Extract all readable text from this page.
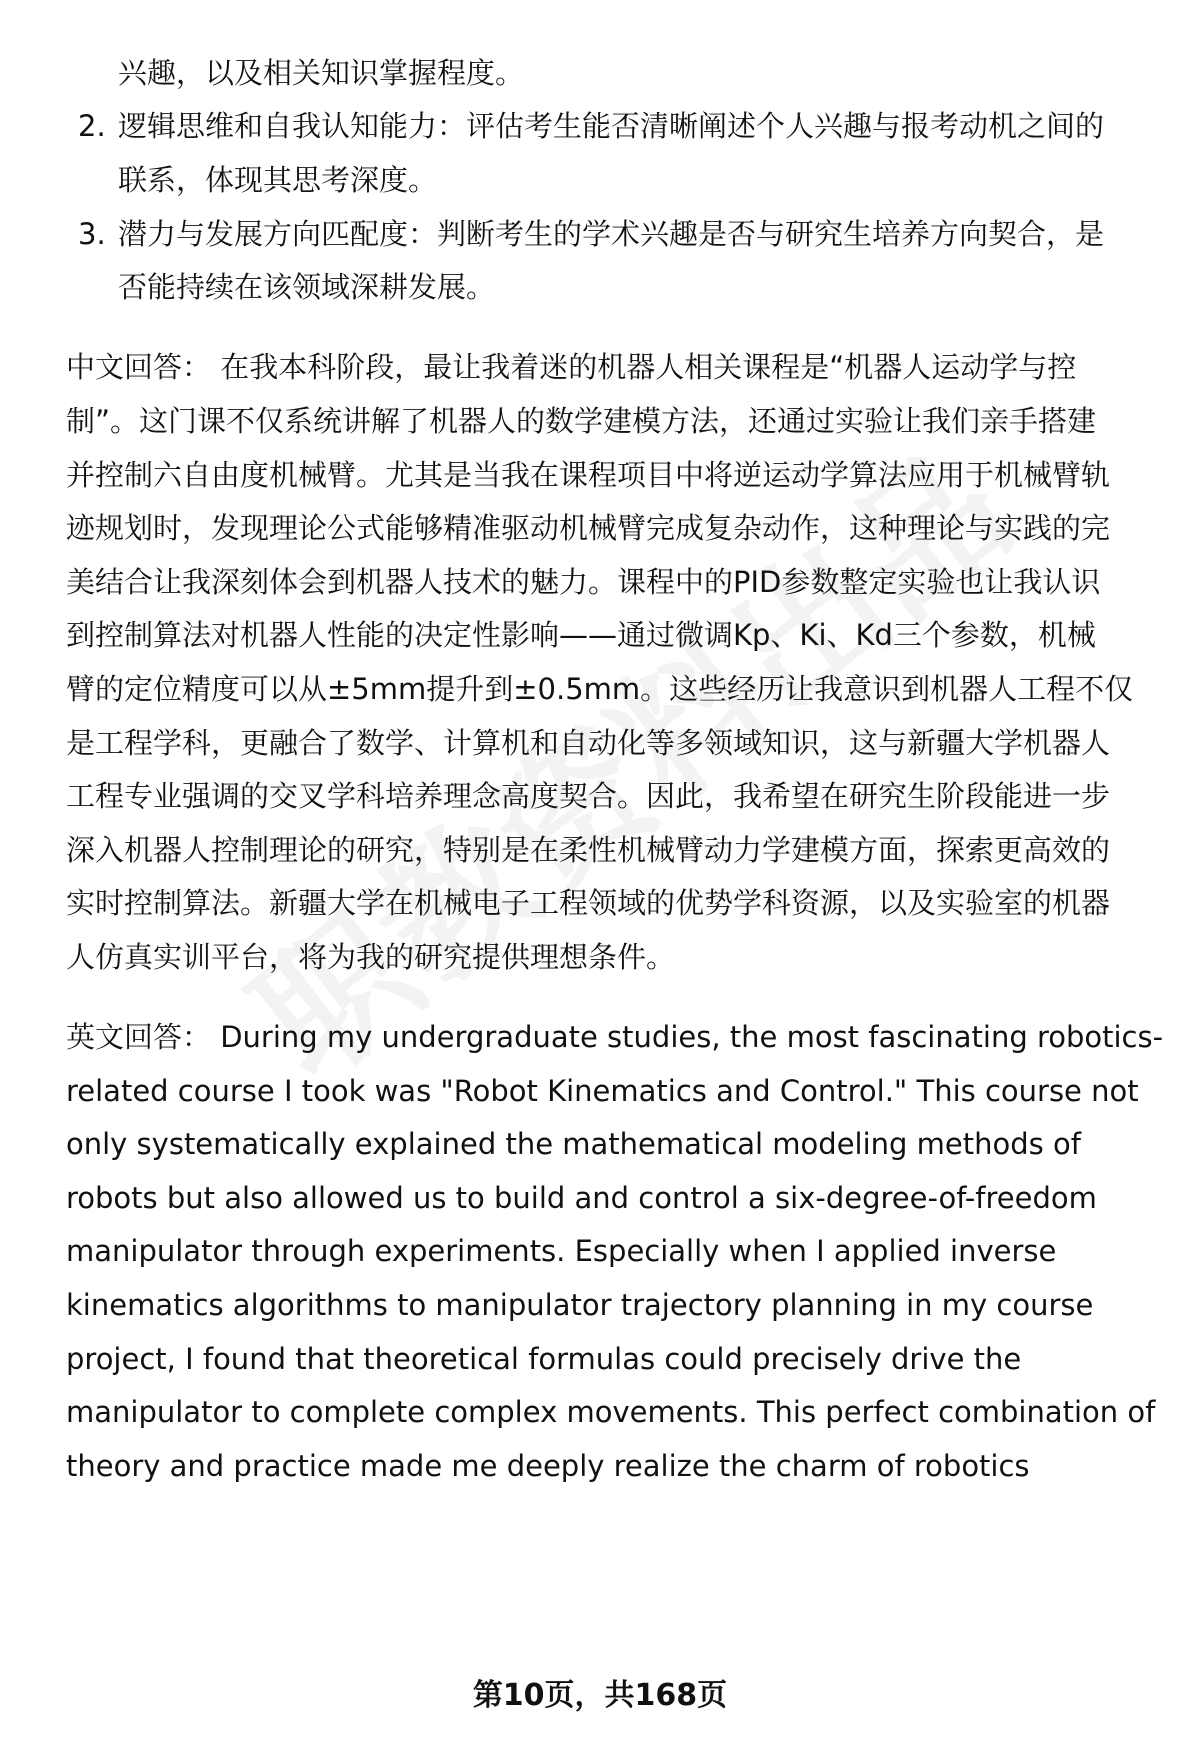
兴趣，以及相关知识掌握程度。
2. 逻辑思维和自我认知能力：评估考生能否清晰阐述个人兴趣与报考动机之间的
联系，体现其思考深度。
3. 潜力与发展方向匹配度：判断考生的学术兴趣是否与研究生培养方向契合，是
否能持续在该领域深耕发展。
中文回答： 在我本科阶段，最让我着迷的机器人相关课程是“机器人运动学与控
制”。这门课不仅系统讲解了机器人的数学建模方法，还通过实验让我们亲手搭建
并控制六自由度机械臂。尤其是当我在课程项目中将逆运动学算法应用于机械臂轨
迹规划时，发现理论公式能够精准驱动机械臂完成复杂动作，这种理论与实践的完
美结合让我深刻体会到机器人技术的魅力。课程中的PID参数整定实验也让我认识
到控制算法对机器人性能的决定性影响——通过微调Kp、Ki、Kd三个参数，机械
臂的定位精度可以从±5mm提升到±0.5mm。这些经历让我意识到机器人工程不仅
是工程学科，更融合了数学、计算机和自动化等多领域知识，这与新疆大学机器人
工程专业强调的交叉学科培养理念高度契合。因此，我希望在研究生阶段能进一步
深入机器人控制理论的研究，特别是在柔性机械臂动力学建模方面，探索更高效的
实时控制算法。新疆大学在机械电子工程领域的优势学科资源，以及实验室的机器
人仿真实训平台，将为我的研究提供理想条件。
英文回答： During my undergraduate studies, the most fascinating robotics-
related course I took was "Robot Kinematics and Control." This course not
only systematically explained the mathematical modeling methods of
robots but also allowed us to build and control a six-degree-of-freedom
manipulator through experiments. Especially when I applied inverse
kinematics algorithms to manipulator trajectory planning in my course
project, I found that theoretical formulas could precisely drive the
manipulator to complete complex movements. This perfect combination of
theory and practice made me deeply realize the charm of robotics
第10页，共168页
